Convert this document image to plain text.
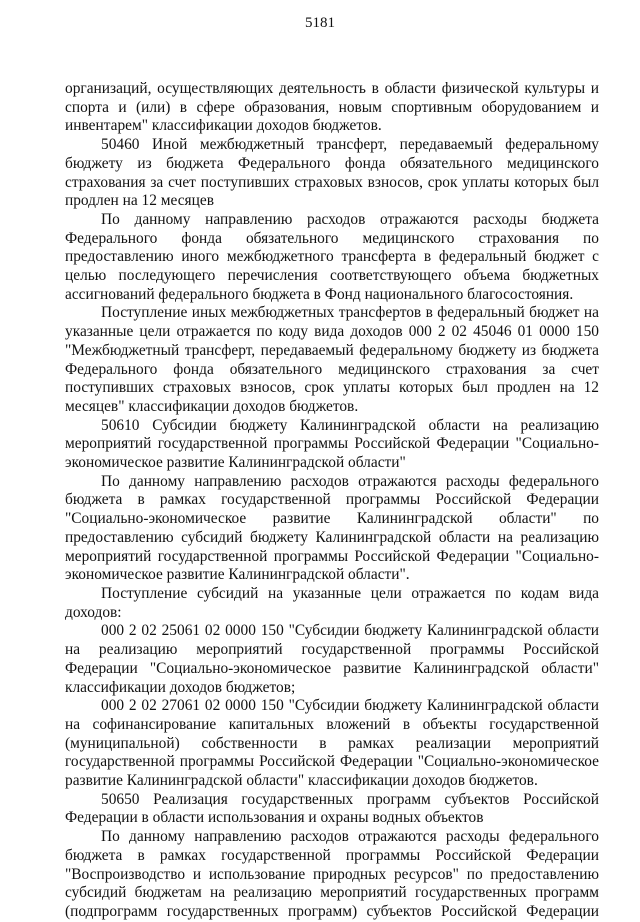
5181

организаций, осуществляющих деятельность в области физической культуры и спорта и (или) в сфере образования, новым спортивным оборудованием и инвентарем" классификации доходов бюджетов.

50460 Иной межбюджетный трансферт, передаваемый федеральному бюджету из бюджета Федерального фонда обязательного медицинского страхования за счет поступивших страховых взносов, срок уплаты которых был продлен на 12 месяцев

По данному направлению расходов отражаются расходы бюджета Федерального фонда обязательного медицинского страхования по предоставлению иного межбюджетного трансферта в федеральный бюджет с целью последующего перечисления соответствующего объема бюджетных ассигнований федерального бюджета в Фонд национального благосостояния.

Поступление иных межбюджетных трансфертов в федеральный бюджет на указанные цели отражается по коду вида доходов 000 2 02 45046 01 0000 150 "Межбюджетный трансферт, передаваемый федеральному бюджету из бюджета Федерального фонда обязательного медицинского страхования за счет поступивших страховых взносов, срок уплаты которых был продлен на 12 месяцев" классификации доходов бюджетов.

50610 Субсидии бюджету Калининградской области на реализацию мероприятий государственной программы Российской Федерации "Социально-экономическое развитие Калининградской области"

По данному направлению расходов отражаются расходы федерального бюджета в рамках государственной программы Российской Федерации "Социально-экономическое развитие Калининградской области" по предоставлению субсидий бюджету Калининградской области на реализацию мероприятий государственной программы Российской Федерации "Социально-экономическое развитие Калининградской области".

Поступление субсидий на указанные цели отражается по кодам вида доходов:

000 2 02 25061 02 0000 150 "Субсидии бюджету Калининградской области на реализацию мероприятий государственной программы Российской Федерации "Социально-экономическое развитие Калининградской области" классификации доходов бюджетов;

000 2 02 27061 02 0000 150 "Субсидии бюджету Калининградской области на софинансирование капитальных вложений в объекты государственной (муниципальной) собственности в рамках реализации мероприятий государственной программы Российской Федерации "Социально-экономическое развитие Калининградской области" классификации доходов бюджетов.

50650 Реализация государственных программ субъектов Российской Федерации в области использования и охраны водных объектов

По данному направлению расходов отражаются расходы федерального бюджета в рамках государственной программы Российской Федерации "Воспроизводство и использование природных ресурсов" по предоставлению субсидий бюджетам на реализацию мероприятий государственных программ (подпрограмм государственных программ) субъектов Российской Федерации
